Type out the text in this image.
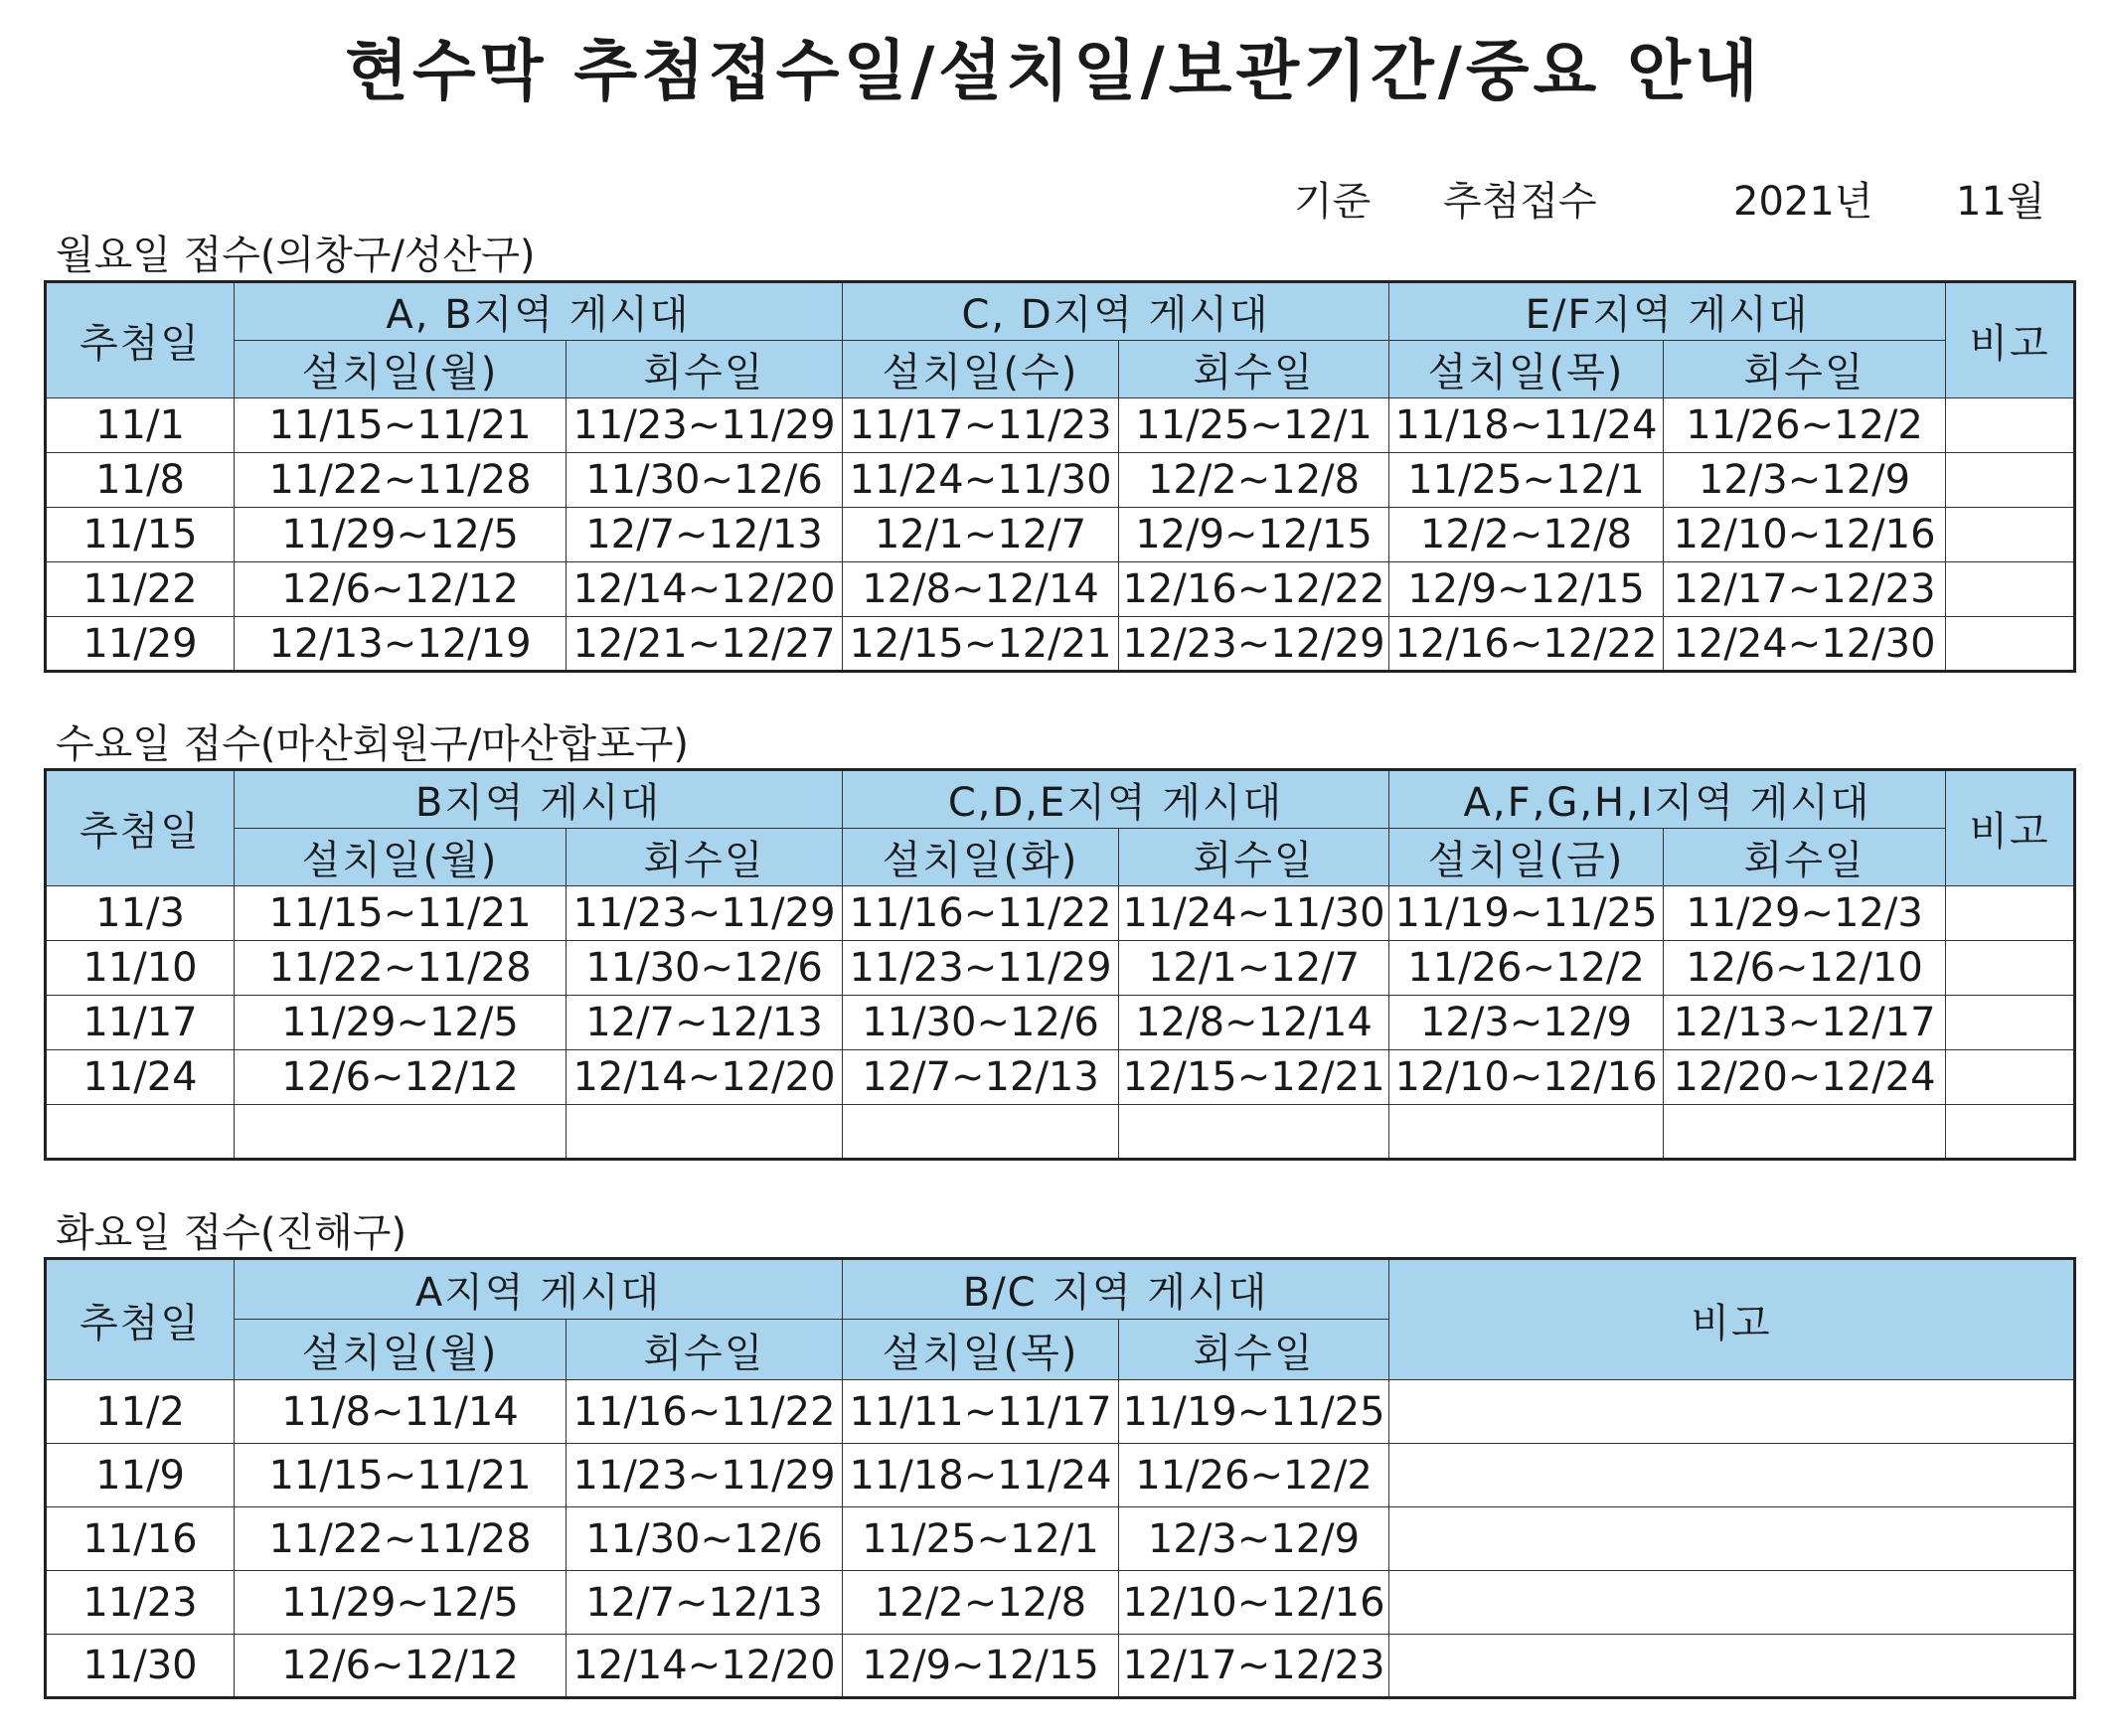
현수막 추첨접수일/설치일/보관기간/중요 안내
기준 추첨접수	2021년 11월
월요일 접수(의창구/성산구)
추첨일	A, B지역 게시대		C, D지역 게시대		E/F지역 게시대		비고
	설치일(월)	회수일	설치일(수)	회수일	설치일(목)	회수일	
11/1	11/15~11/21	11/23~11/29	11/17~11/23	11/25~12/1	11/18~11/24	11/26~12/2	
11/8	11/22~11/28	11/30~12/6	11/24~11/30	12/2~12/8	11/25~12/1	12/3~12/9	
11/15	11/29~12/5	12/7~12/13	12/1~12/7	12/9~12/15	12/2~12/8	12/10~12/16	
11/22	12/6~12/12	12/14~12/20	12/8~12/14	12/16~12/22	12/9~12/15	12/17~12/23	
11/29	12/13~12/19	12/21~12/27	12/15~12/21	12/23~12/29	12/16~12/22	12/24~12/30	
수요일 접수(마산회원구/마산합포구)
추첨일	B지역 게시대		C,D,E지역 게시대		A,F,G,H,I지역 게시대		비고
	설치일(월)	회수일	설치일(화)	회수일	설치일(금)	회수일	
11/3	11/15~11/21	11/23~11/29	11/16~11/22	11/24~11/30	11/19~11/25	11/29~12/3	
11/10	11/22~11/28	11/30~12/6	11/23~11/29	12/1~12/7	11/26~12/2	12/6~12/10	
11/17	11/29~12/5	12/7~12/13	11/30~12/6	12/8~12/14	12/3~12/9	12/13~12/17	
11/24	12/6~12/12	12/14~12/20	12/7~12/13	12/15~12/21	12/10~12/16	12/20~12/24	

화요일 접수(진해구)
추첨일	A지역 게시대		B/C 지역 게시대		비고
	설치일(월)	회수일	설치일(목)	회수일	
11/2	11/8~11/14	11/16~11/22	11/11~11/17	11/19~11/25	
11/9	11/15~11/21	11/23~11/29	11/18~11/24	11/26~12/2	
11/16	11/22~11/28	11/30~12/6	11/25~12/1	12/3~12/9	
11/23	11/29~12/5	12/7~12/13	12/2~12/8	12/10~12/16	
11/30	12/6~12/12	12/14~12/20	12/9~12/15	12/17~12/23	
